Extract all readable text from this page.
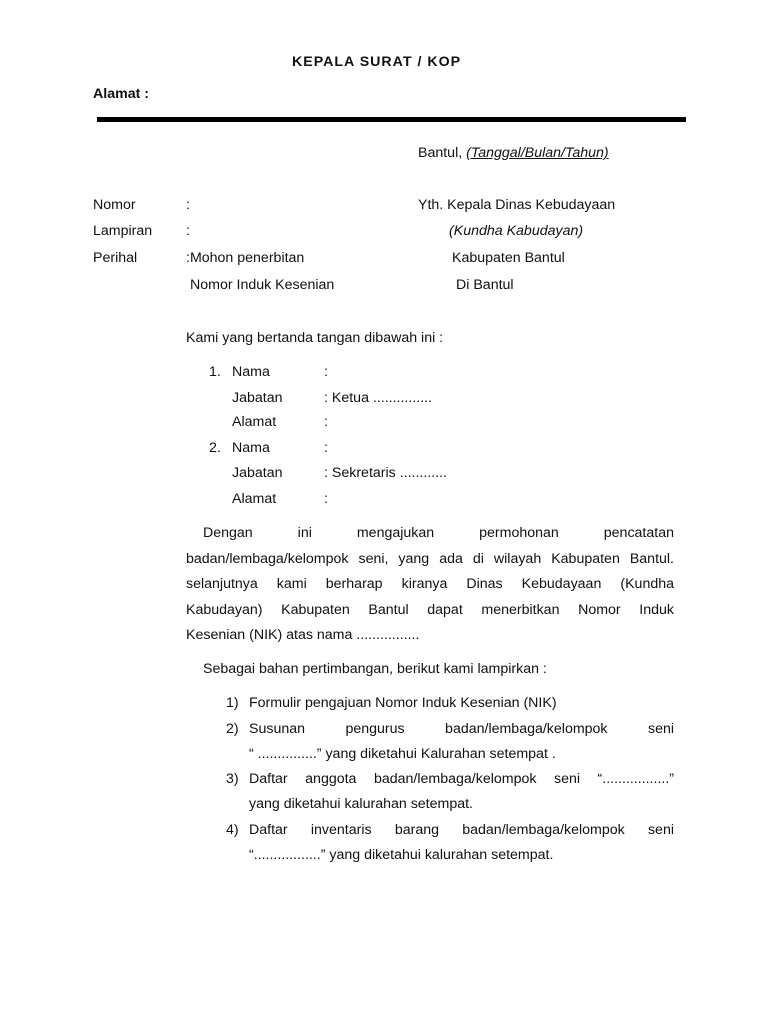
KEPALA SURAT / KOP
Alamat :
Bantul, (Tanggal/Bulan/Tahun)
Nomor	:
Lampiran :
Perihal	:Mohon penerbitan
Nomor Induk Kesenian
Yth. Kepala Dinas Kebudayaan
(Kundha Kabudayan)
Kabupaten Bantul
Di Bantul
Kami yang bertanda tangan dibawah ini :
1. Nama	:
Jabatan	: Ketua ...............
Alamat	:
2. Nama	:
Jabatan	: Sekretaris ............
Alamat	:
Dengan ini mengajukan permohonan pencatatan
badan/lembaga/kelompok seni, yang ada di wilayah Kabupaten Bantul.
selanjutnya kami berharap kiranya Dinas Kebudayaan (Kundha
Kabudayan) Kabupaten Bantul dapat menerbitkan Nomor Induk
Kesenian (NIK) atas nama ................
Sebagai bahan pertimbangan, berikut kami lampirkan :
1) Formulir pengajuan Nomor Induk Kesenian (NIK)
2) Susunan pengurus badan/lembaga/kelompok seni
“ ...............” yang diketahui Kalurahan setempat .
3) Daftar anggota badan/lembaga/kelompok seni “.................”
yang diketahui kalurahan setempat.
4) Daftar inventaris barang badan/lembaga/kelompok seni
“.................” yang diketahui kalurahan setempat.
